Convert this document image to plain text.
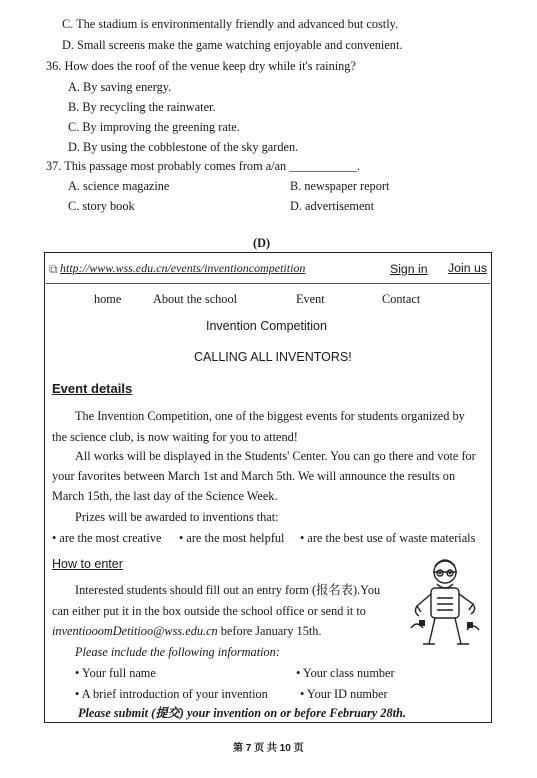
C. The stadium is environmentally friendly and advanced but costly.
D. Small screens make the game watching enjoyable and convenient.
36. How does the roof of the venue keep dry while it's raining?
A. By saving energy.
B. By recycling the rainwater.
C. By improving the greening rate.
D. By using the cobblestone of the sky garden.
37. This passage most probably comes from a/an ___________.
A. science magazine	B. newspaper report
C. story book	D. advertisement
(D)
⧉ http://www.wss.edu.cn/events/inventioncompetition	Sign in Join us
home	About the school	Event	Contact
Invention Competition
CALLING ALL INVENTORS!
Event details
The Invention Competition, one of the biggest events for students organized by
the science club, is now waiting for you to attend!
All works will be displayed in the Students' Center. You can go there and vote for
your favorites between March 1st and March 5th. We will announce the results on
March 15th, the last day of the Science Week.
Prizes will be awarded to inventions that:
• are the most creative • are the most helpful • are the best use of waste materials
How to enter
Interested students should fill out an entry form (报名表).You
can either put it in the box outside the school office or send it to
inventiooomDetitioo@wss.edu.cn before January 15th.
Please include the following information:
• Your full name	• Your class number
• A brief introduction of your invention	• Your ID number
Please submit (提交) your invention on or before February 28th.
第 7 页 共 10 页
